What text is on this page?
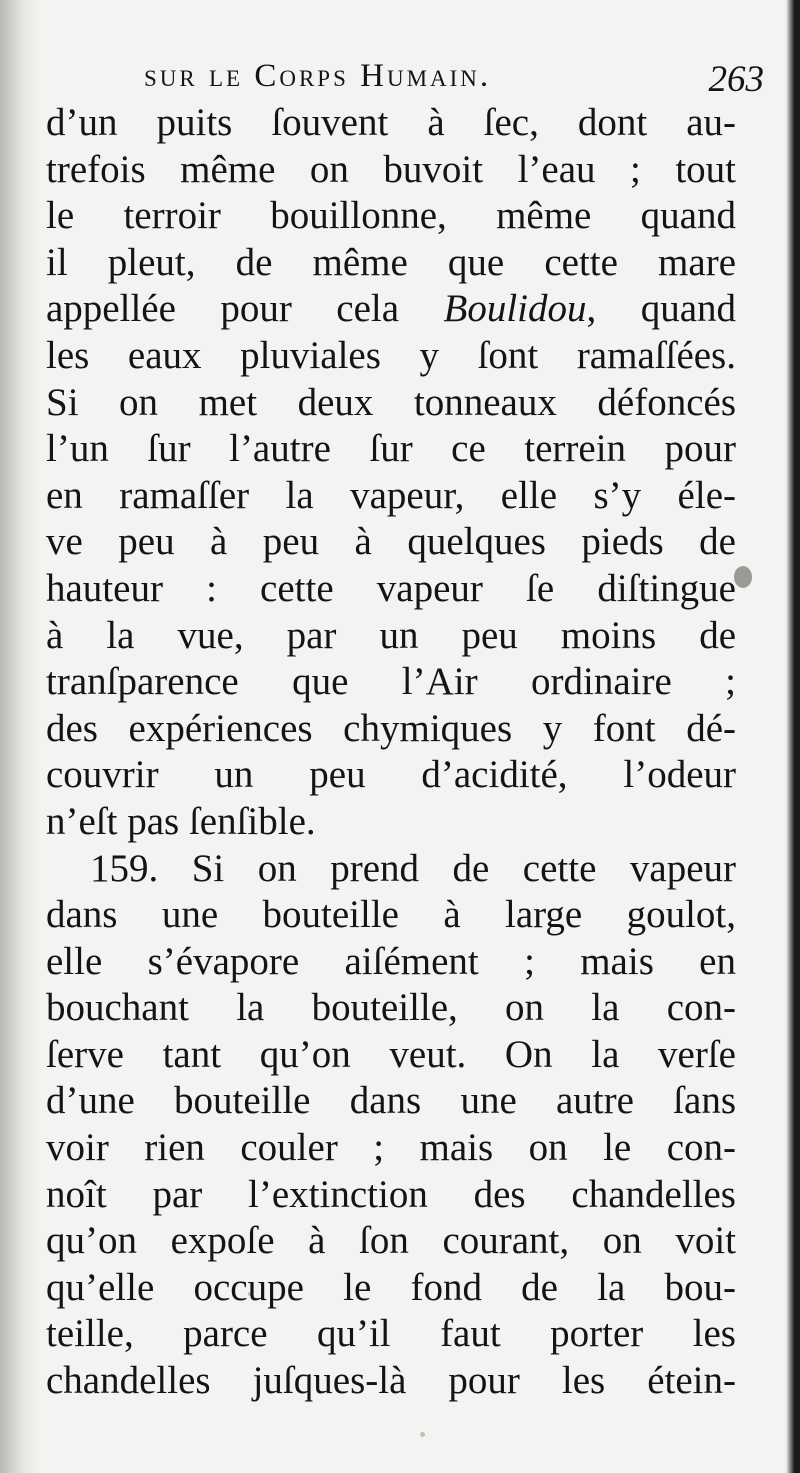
sur le Corps Humain.	263
d’un puits ſouvent à ſec, dont au-
trefois même on buvoit l’eau ; tout
le terroir bouillonne, même quand
il pleut, de même que cette mare
appellée pour cela Boulidou, quand
les eaux pluviales y ſont ramaſſées.
Si on met deux tonneaux défoncés
l’un ſur l’autre ſur ce terrein pour
en ramaſſer la vapeur, elle s’y éle-
ve peu à peu à quelques pieds de
hauteur : cette vapeur ſe diſtingue
à la vue, par un peu moins de
tranſparence que l’Air ordinaire ;
des expériences chymiques y font dé-
couvrir un peu d’acidité, l’odeur
n’eſt pas ſenſible.
159. Si on prend de cette vapeur
dans une bouteille à large goulot,
elle s’évapore aiſément ; mais en
bouchant la bouteille, on la con-
ſerve tant qu’on veut. On la verſe
d’une bouteille dans une autre ſans
voir rien couler ; mais on le con-
noît par l’extinction des chandelles
qu’on expoſe à ſon courant, on voit
qu’elle occupe le fond de la bou-
teille, parce qu’il faut porter les
chandelles juſques-là pour les étein-
